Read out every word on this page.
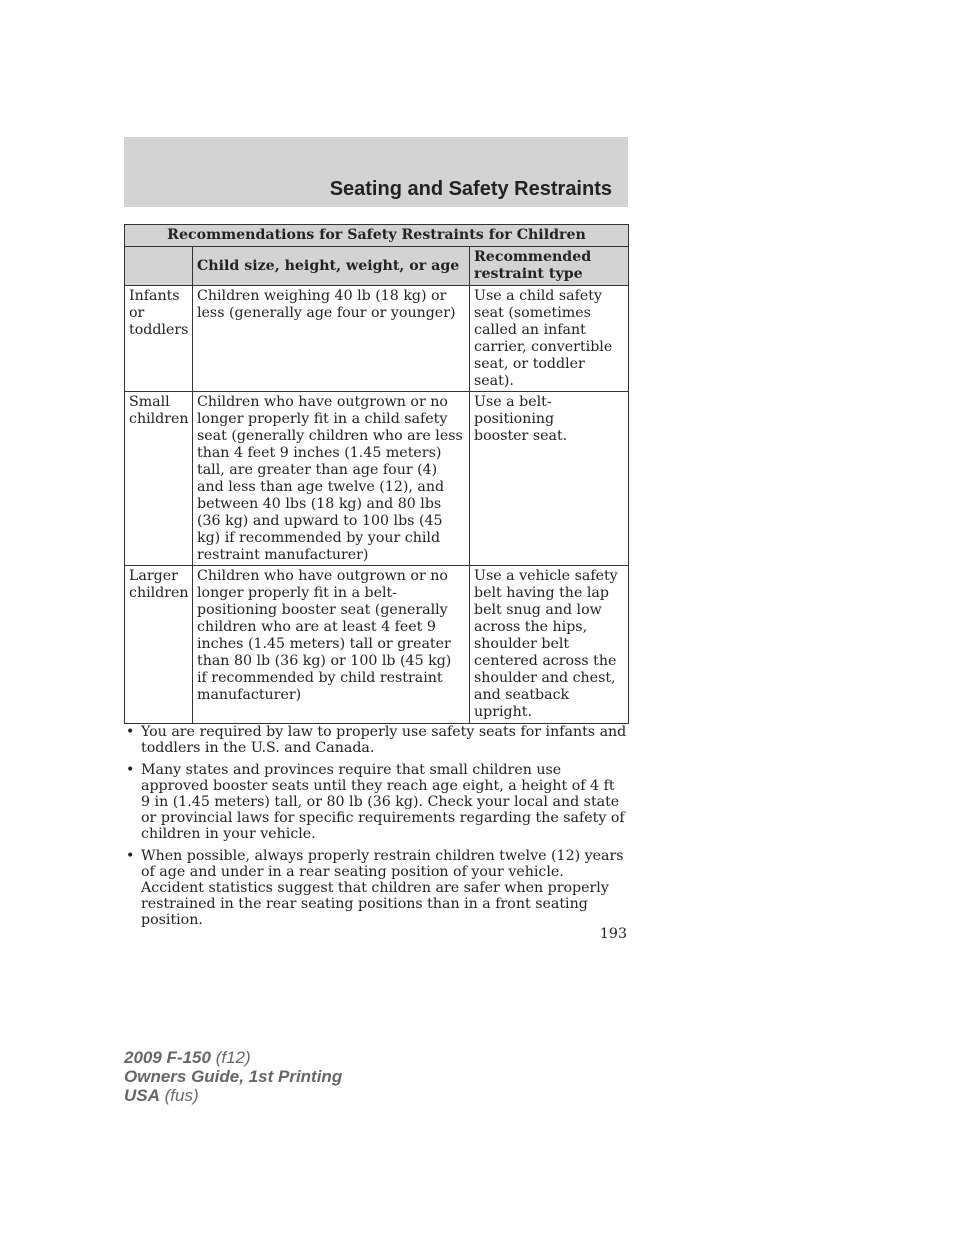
Seating and Safety Restraints
Recommendations for Safety Restraints for Children		
	Child size, height, weight, or age	Recommended restraint type
Infants or toddlers	Children weighing 40 lb (18 kg) or less (generally age four or younger)	Use a child safety seat (sometimes called an infant carrier, convertible seat, or toddler seat).
Small children	Children who have outgrown or no longer properly fit in a child safety seat (generally children who are less than 4 feet 9 inches (1.45 meters) tall, are greater than age four (4) and less than age twelve (12), and between 40 lbs (18 kg) and 80 lbs (36 kg) and upward to 100 lbs (45 kg) if recommended by your child restraint manufacturer)	Use a belt-positioning booster seat.
Larger children	Children who have outgrown or no longer properly fit in a belt-positioning booster seat (generally children who are at least 4 feet 9 inches (1.45 meters) tall or greater than 80 lb (36 kg) or 100 lb (45 kg) if recommended by child restraint manufacturer)	Use a vehicle safety belt having the lap belt snug and low across the hips, shoulder belt centered across the shoulder and chest, and seatback upright.
• You are required by law to properly use safety seats for infants and toddlers in the U.S. and Canada.
• Many states and provinces require that small children use approved booster seats until they reach age eight, a height of 4 ft 9 in (1.45 meters) tall, or 80 lb (36 kg). Check your local and state or provincial laws for specific requirements regarding the safety of children in your vehicle.
• When possible, always properly restrain children twelve (12) years of age and under in a rear seating position of your vehicle. Accident statistics suggest that children are safer when properly restrained in the rear seating positions than in a front seating position.
193
2009 F-150 (f12)
Owners Guide, 1st Printing
USA (fus)
